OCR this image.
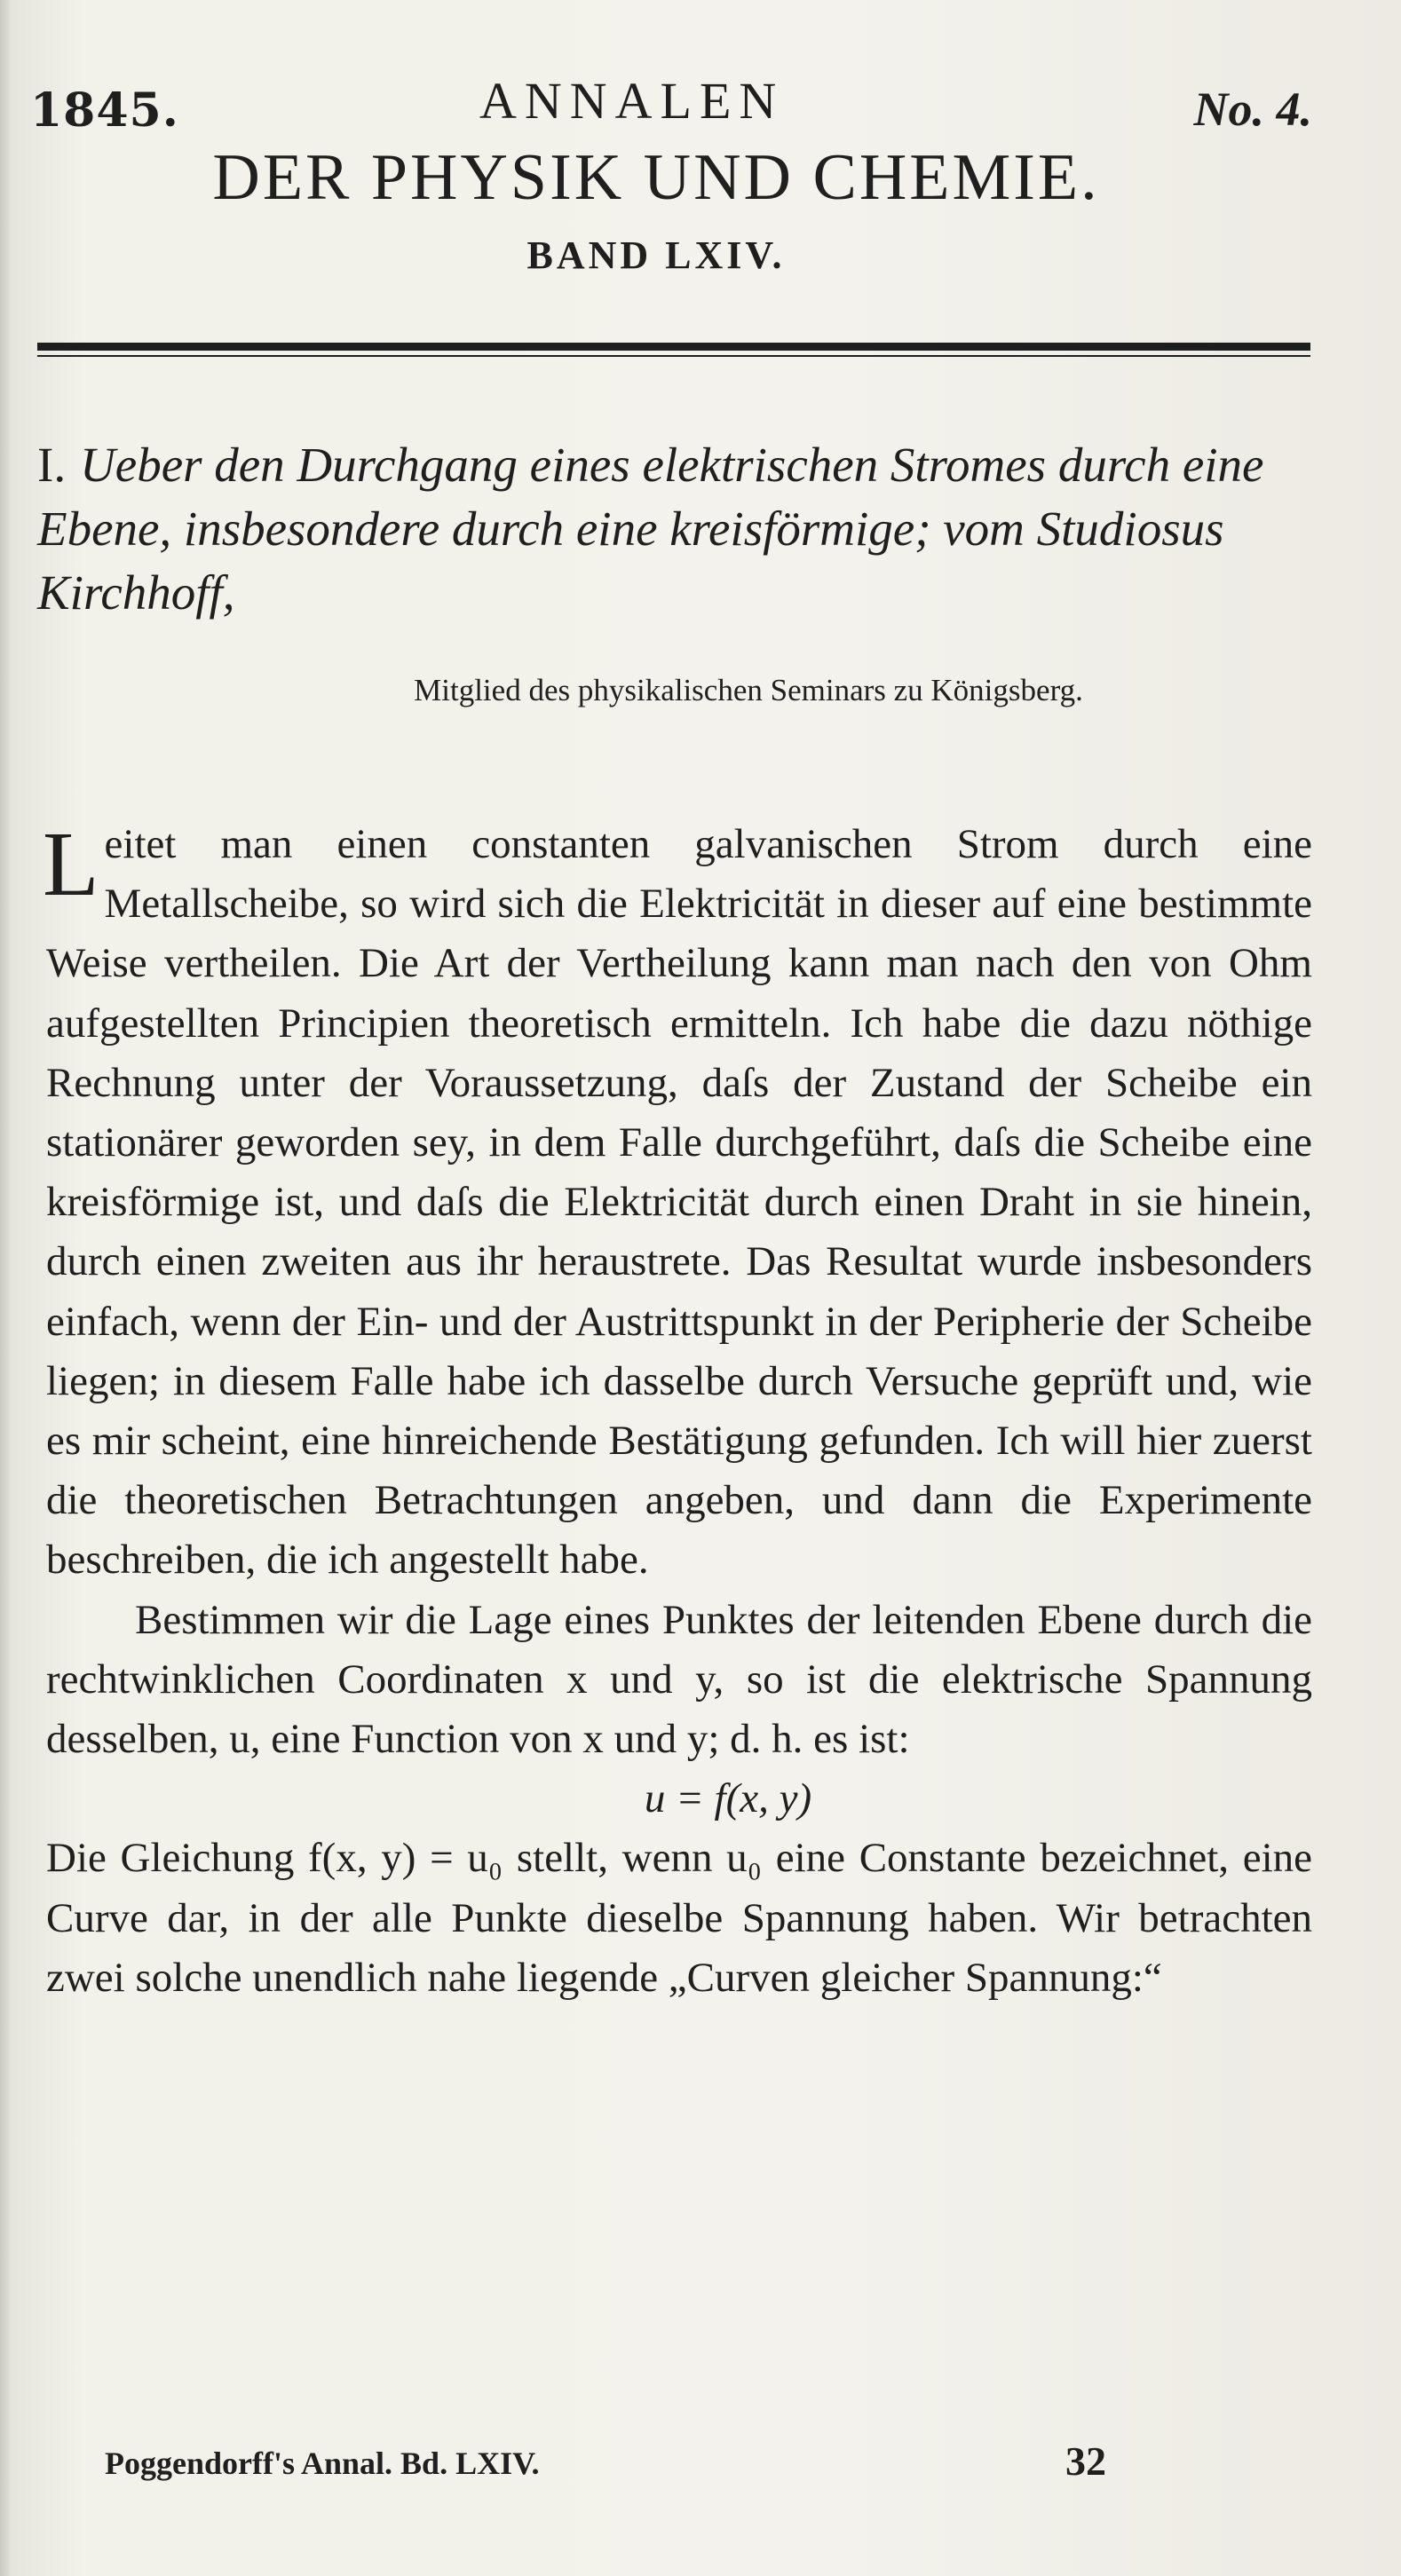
1845.	ANNALEN	No. 4.
DER PHYSIK UND CHEMIE.
BAND LXIV.
I. Ueber den Durchgang eines elektrischen Stromes durch eine Ebene, insbesondere durch eine kreisförmige; vom Studiosus Kirchhoff,
Mitglied des physikalischen Seminars zu Königsberg.

Leitet man einen constanten galvanischen Strom durch eine Metallscheibe, so wird sich die Elektricität in dieser auf eine bestimmte Weise vertheilen. Die Art der Vertheilung kann man nach den von Ohm aufgestellten Principien theoretisch ermitteln. Ich habe die dazu nöthige Rechnung unter der Voraussetzung, daſs der Zustand der Scheibe ein stationärer geworden sey, in dem Falle durchgeführt, daſs die Scheibe eine kreisförmige ist, und daſs die Elektricität durch einen Draht in sie hinein, durch einen zweiten aus ihr heraustrete. Das Resultat wurde insbesonders einfach, wenn der Ein- und der Austrittspunkt in der Peripherie der Scheibe liegen; in diesem Falle habe ich dasselbe durch Versuche geprüft und, wie es mir scheint, eine hinreichende Bestätigung gefunden. Ich will hier zuerst die theoretischen Betrachtungen angeben, und dann die Experimente beschreiben, die ich angestellt habe.

Bestimmen wir die Lage eines Punktes der leitenden Ebene durch die rechtwinklichen Coordinaten x und y, so ist die elektrische Spannung desselben, u, eine Function von x und y; d. h. es ist:

u = f(x, y)

Die Gleichung f(x, y) = u₀ stellt, wenn u₀ eine Constante bezeichnet, eine Curve dar, in der alle Punkte dieselbe Spannung haben. Wir betrachten zwei solche unendlich nahe liegende „Curven gleicher Spannung:“

Poggendorff's Annal. Bd. LXIV.	32
